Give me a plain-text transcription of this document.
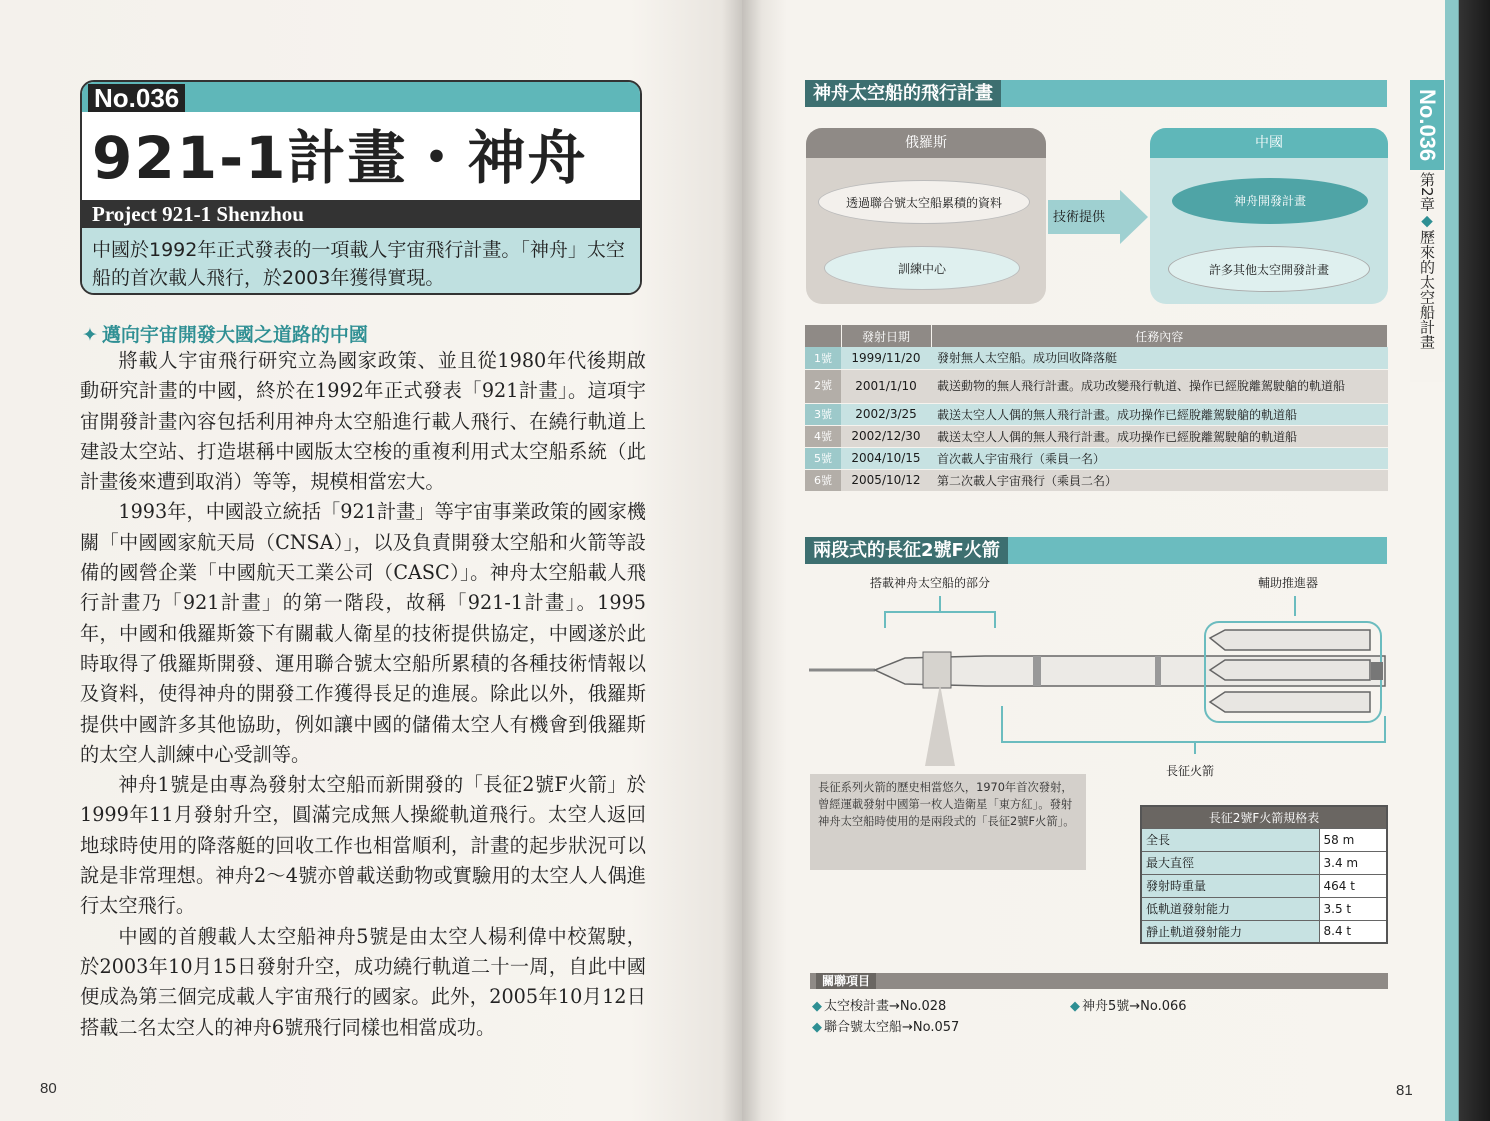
No.036
921-1計畫・神舟
Project 921-1 Shenzhou
中國於1992年正式發表的一項載人宇宙飛行計畫。「神舟」太空船的首次載人飛行，於2003年獲得實現。
✦ 邁向宇宙開發大國之道路的中國

將載人宇宙飛行研究立為國家政策、並且從1980年代後期啟動研究計畫的中國，終於在1992年正式發表「921計畫」。這項宇宙開發計畫內容包括利用神舟太空船進行載人飛行、在繞行軌道上建設太空站、打造堪稱中國版太空梭的重複利用式太空船系統（此計畫後來遭到取消）等等，規模相當宏大。

1993年，中國設立統括「921計畫」等宇宙事業政策的國家機關「中國國家航天局（CNSA）」，以及負責開發太空船和火箭等設備的國營企業「中國航天工業公司（CASC）」。神舟太空船載人飛行計畫乃「921計畫」的第一階段，故稱「921-1計畫」。1995年，中國和俄羅斯簽下有關載人衛星的技術提供協定，中國遂於此時取得了俄羅斯開發、運用聯合號太空船所累積的各種技術情報以及資料，使得神舟的開發工作獲得長足的進展。除此以外，俄羅斯提供中國許多其他協助，例如讓中國的儲備太空人有機會到俄羅斯的太空人訓練中心受訓等。

神舟1號是由專為發射太空船而新開發的「長征2號F火箭」於1999年11月發射升空，圓滿完成無人操縱軌道飛行。太空人返回地球時使用的降落艇的回收工作也相當順利，計畫的起步狀況可以說是非常理想。神舟2～4號亦曾載送動物或實驗用的太空人人偶進行太空飛行。

中國的首艘載人太空船神舟5號是由太空人楊利偉中校駕駛，於2003年10月15日發射升空，成功繞行軌道二十一周，自此中國便成為第三個完成載人宇宙飛行的國家。此外，2005年10月12日搭載二名太空人的神舟6號飛行同樣也相當成功。

80
神舟太空船的飛行計畫
俄羅斯
透過聯合號太空船累積的資料
訓練中心
技術提供
中國
神舟開發計畫
許多其他太空開發計畫
	發射日期	任務內容
1號	1999/11/20	發射無人太空船。成功回收降落艇
2號	2001/1/10	載送動物的無人飛行計畫。成功改變飛行軌道、操作已經脫離駕駛艙的軌道船
3號	2002/3/25	載送太空人人偶的無人飛行計畫。成功操作已經脫離駕駛艙的軌道船
4號	2002/12/30	載送太空人人偶的無人飛行計畫。成功操作已經脫離駕駛艙的軌道船
5號	2004/10/15	首次載人宇宙飛行（乘員一名）
6號	2005/10/12	第二次載人宇宙飛行（乘員二名）
兩段式的長征2號F火箭
搭載神舟太空船的部分	輔助推進器
長征火箭
長征系列火箭的歷史相當悠久，1970年首次發射，曾經運載發射中國第一枚人造衛星「東方紅」。發射神舟太空船時使用的是兩段式的「長征2號F火箭」。	長征2號F火箭規格表	
全長	58 m
最大直徑	3.4 m
發射時重量	464 t
低軌道發射能力	3.5 t
靜止軌道發射能力	8.4 t
關聯項目
◆ 太空梭計畫→No.028
◆ 聯合號太空船→No.057
◆ 神舟5號→No.066
No.036
第2章◆歷來的太空船計畫
81
